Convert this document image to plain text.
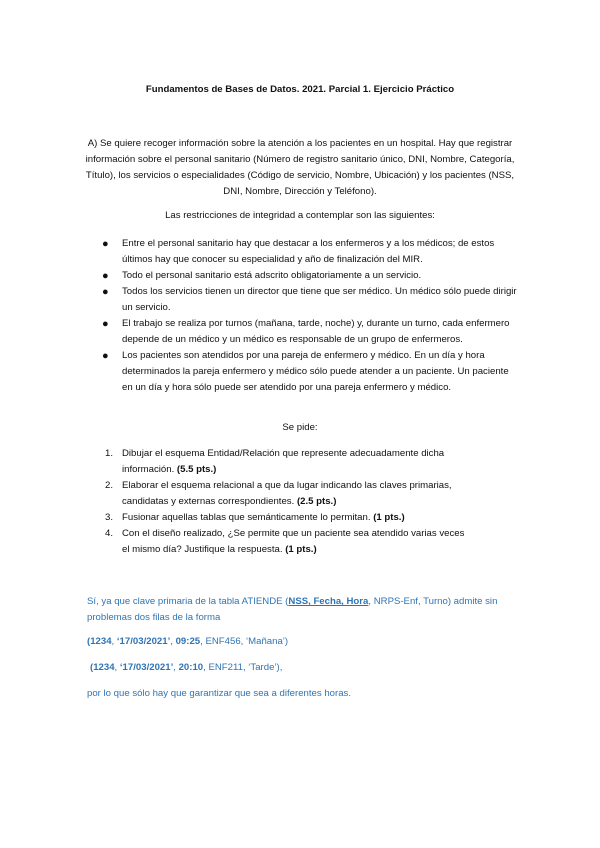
Fundamentos de Bases de Datos. 2021. Parcial 1. Ejercicio Práctico
A) Se quiere recoger información sobre la atención a los pacientes en un hospital. Hay que registrar información sobre el personal sanitario (Número de registro sanitario único, DNI, Nombre, Categoría, Título), los servicios o especialidades (Código de servicio, Nombre, Ubicación) y los pacientes (NSS, DNI, Nombre, Dirección y Teléfono).
Las restricciones de integridad a contemplar son las siguientes:
● Entre el personal sanitario hay que destacar a los enfermeros y a los médicos; de estos últimos hay que conocer su especialidad y año de finalización del MIR.
● Todo el personal sanitario está adscrito obligatoriamente a un servicio.
● Todos los servicios tienen un director que tiene que ser médico. Un médico sólo puede dirigir un servicio.
● El trabajo se realiza por turnos (mañana, tarde, noche) y, durante un turno, cada enfermero depende de un médico y un médico es responsable de un grupo de enfermeros.
● Los pacientes son atendidos por una pareja de enfermero y médico. En un día y hora determinados la pareja enfermero y médico sólo puede atender a un paciente. Un paciente en un día y hora sólo puede ser atendido por una pareja enfermero y médico.
Se pide:
1. Dibujar el esquema Entidad/Relación que represente adecuadamente dicha información. (5.5 pts.)
2. Elaborar el esquema relacional a que da lugar indicando las claves primarias, candidatas y externas correspondientes. (2.5 pts.)
3. Fusionar aquellas tablas que semánticamente lo permitan. (1 pts.)
4. Con el diseño realizado, ¿Se permite que un paciente sea atendido varias veces el mismo día? Justifique la respuesta. (1 pts.)
Sí, ya que clave primaria de la tabla ATIENDE (NSS, Fecha, Hora, NRPS-Enf, Turno) admite sin problemas dos filas de la forma
(1234, ‘17/03/2021’, 09:25, ENF456, ‘Mañana’)
(1234, ‘17/03/2021’, 20:10, ENF211, ‘Tarde’),
por lo que sólo hay que garantizar que sea a diferentes horas.
